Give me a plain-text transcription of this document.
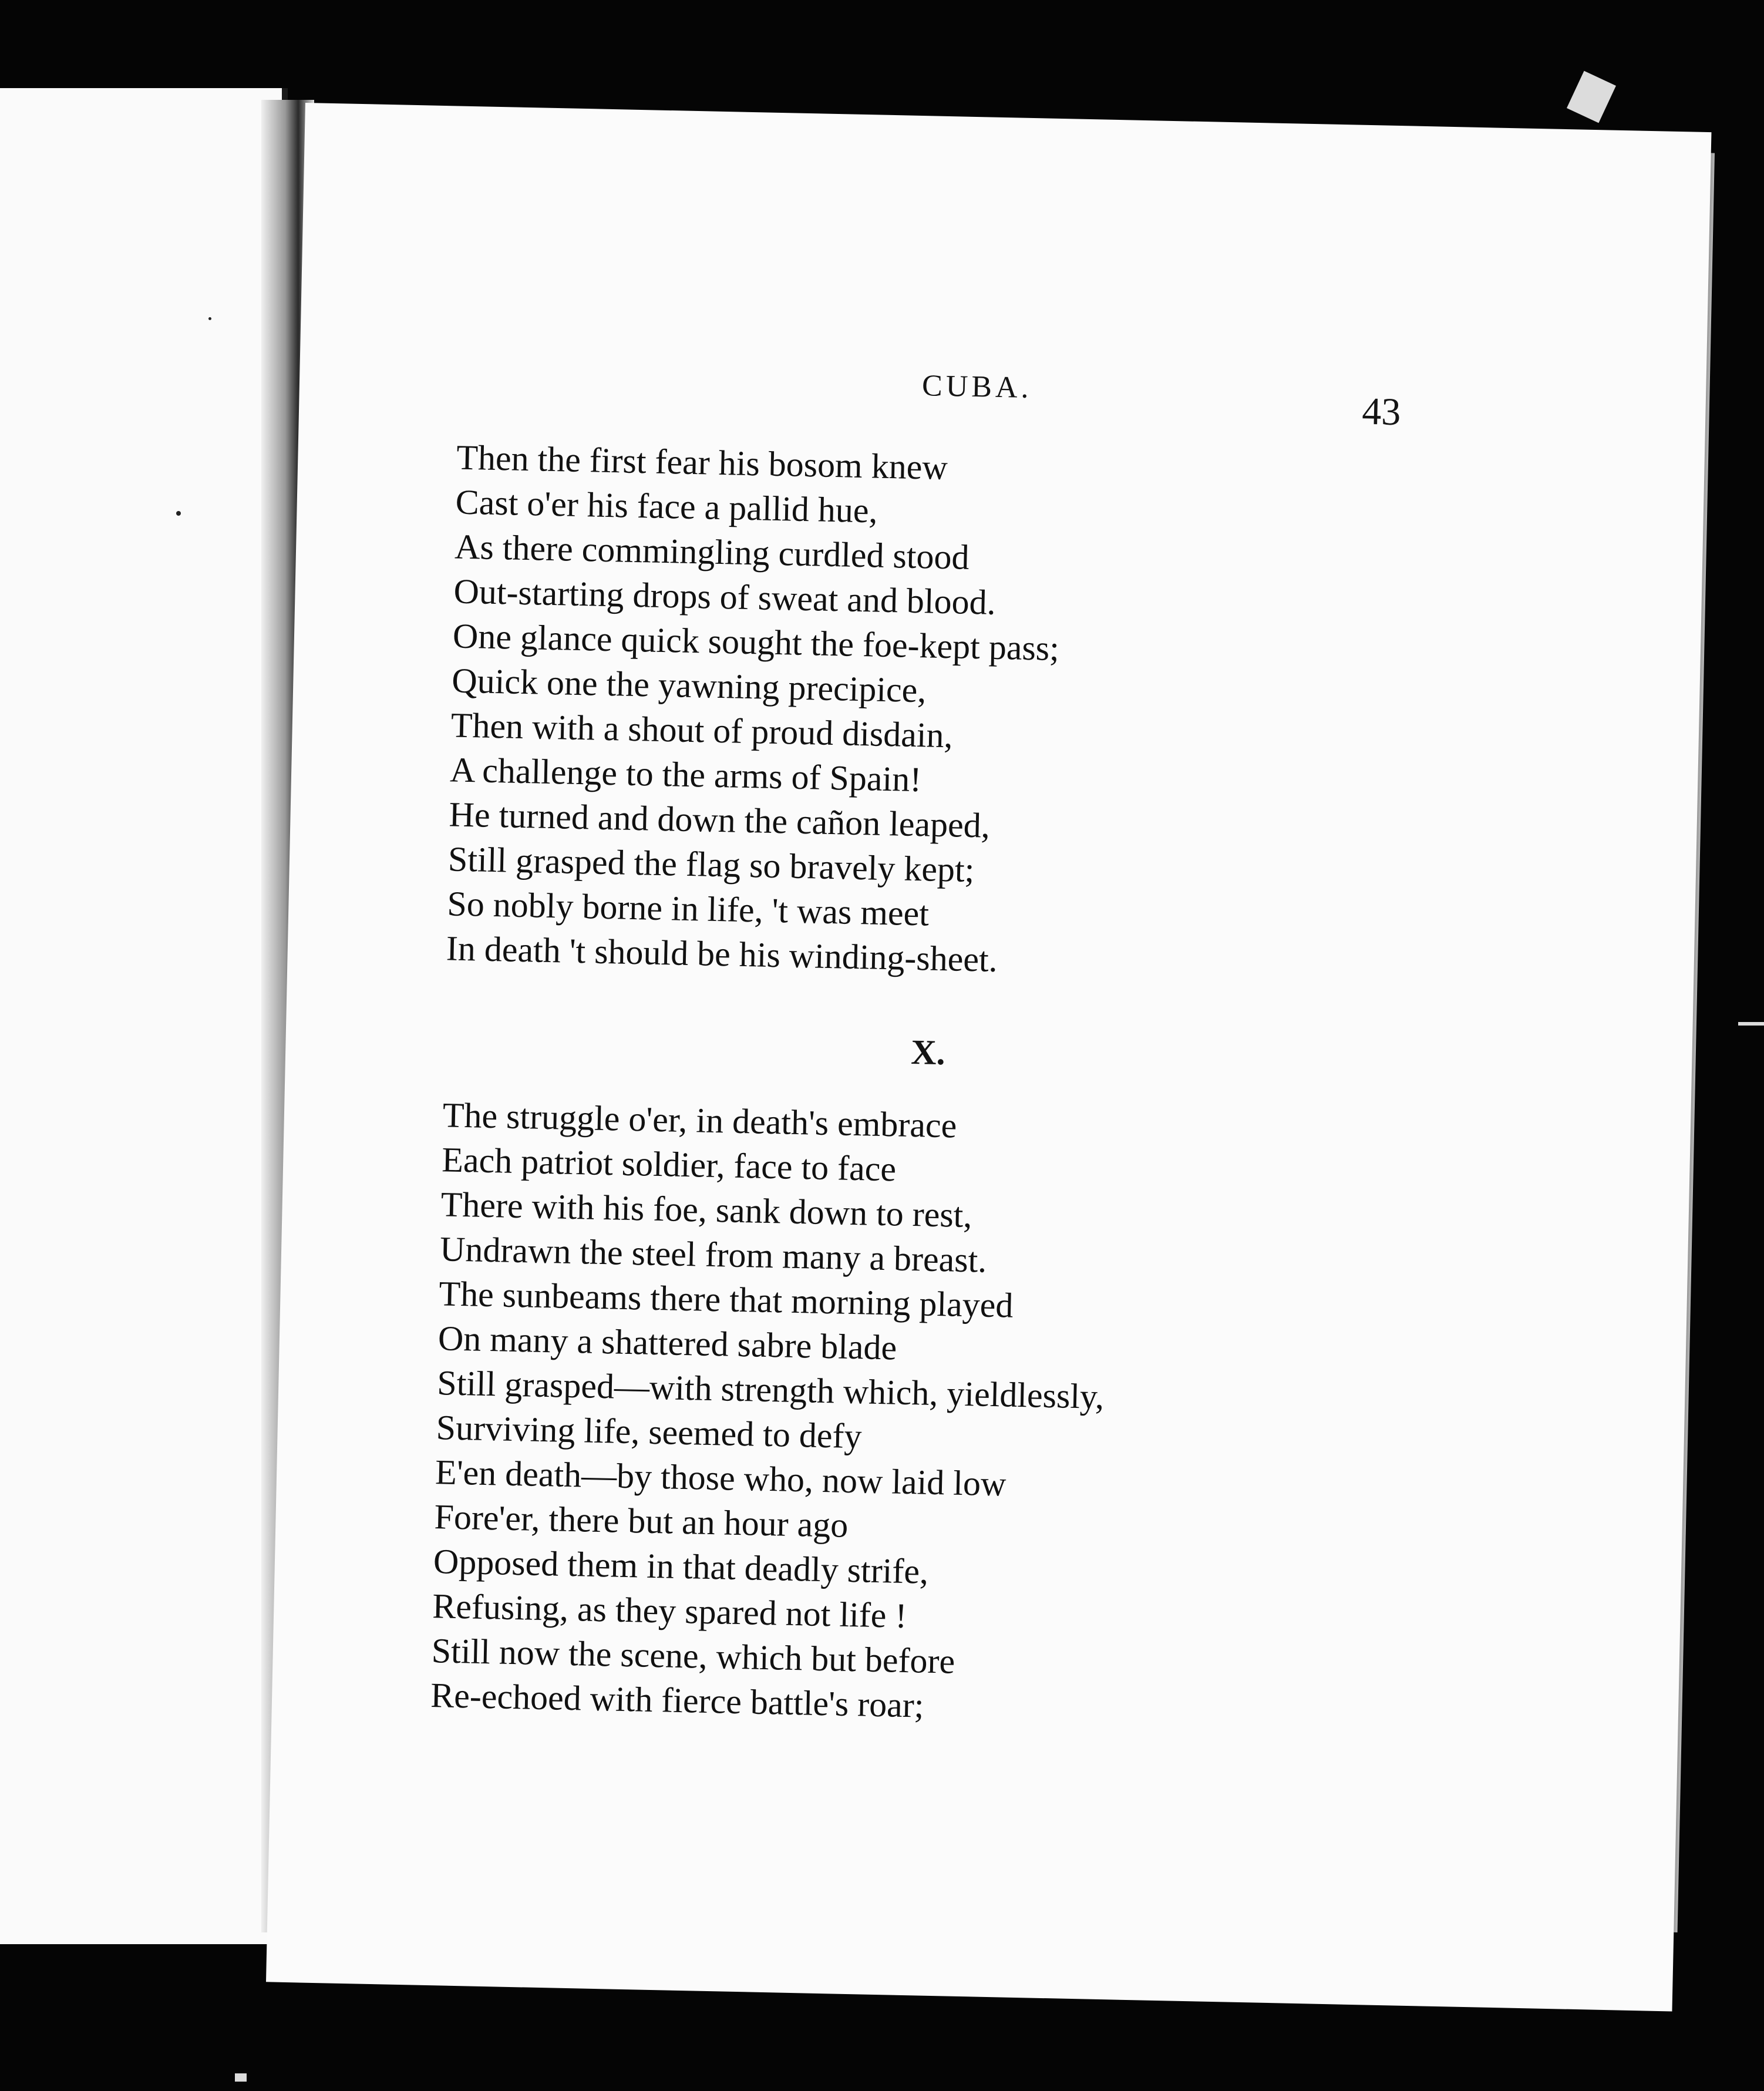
CUBA.
43
Then the first fear his bosom knew
Cast o'er his face a pallid hue,
As there commingling curdled stood
Out-starting drops of sweat and blood.
One glance quick sought the foe-kept pass;
Quick one the yawning precipice,
Then with a shout of proud disdain,
A challenge to the arms of Spain!
He turned and down the cañon leaped,
Still grasped the flag so bravely kept;
So nobly borne in life, 't was meet
In death 't should be his winding-sheet.
X.
The struggle o'er, in death's embrace
Each patriot soldier, face to face
There with his foe, sank down to rest,
Undrawn the steel from many a breast.
The sunbeams there that morning played
On many a shattered sabre blade
Still grasped—with strength which, yieldlessly,
Surviving life, seemed to defy
E'en death—by those who, now laid low
Fore'er, there but an hour ago
Opposed them in that deadly strife,
Refusing, as they spared not life !
Still now the scene, which but before
Re-echoed with fierce battle's roar;
